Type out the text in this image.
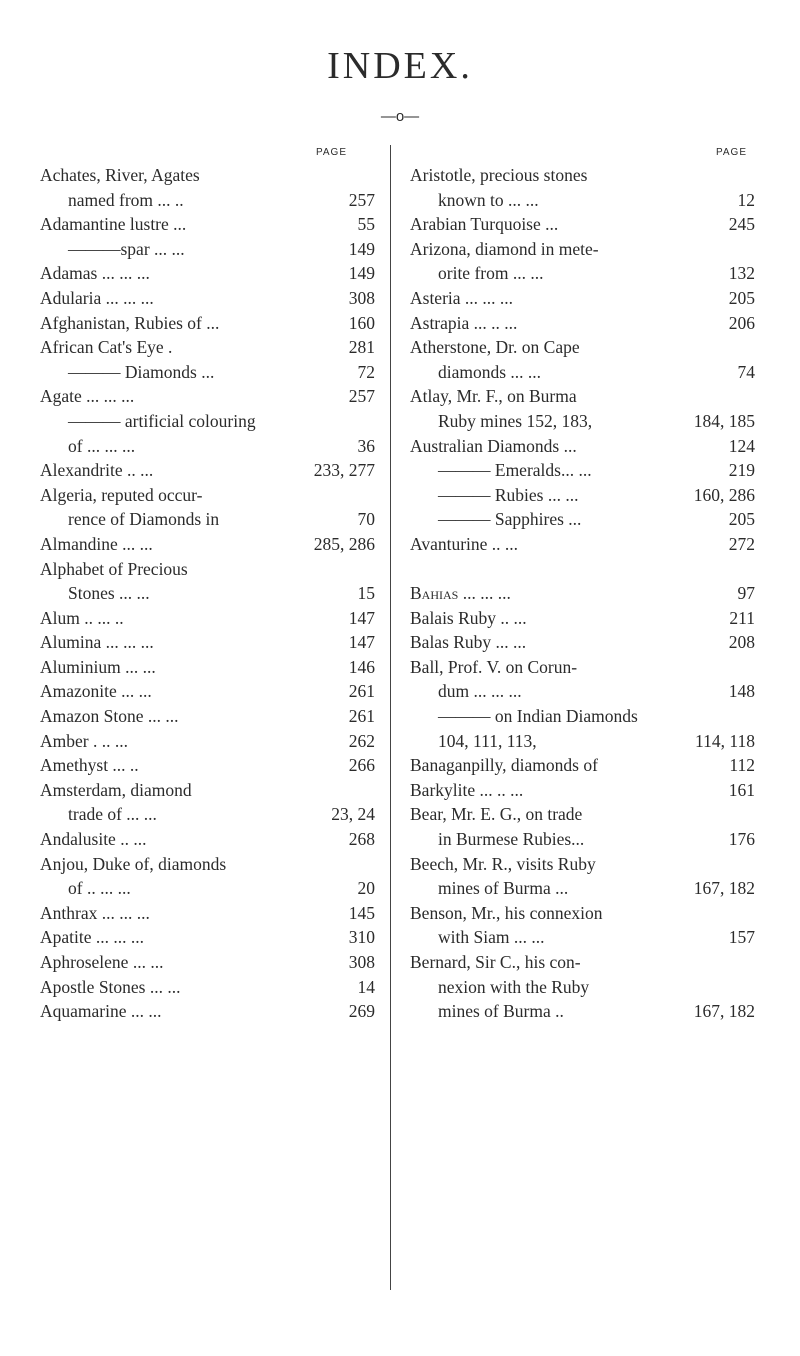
INDEX.
—o—
PAGE
Achates, River, Agates
named from ... ..	257
Adamantine lustre ...	55
———spar ... ...	149
Adamas ... ... ...	149
Adularia ... ... ...	308
Afghanistan, Rubies of ...	160
African Cat's Eye .	281
——— Diamonds ...	72
Agate ... ... ...	257
——— artificial colouring
of ... ... ...	36
Alexandrite .. ...	233, 277
Algeria, reputed occur-
rence of Diamonds in	70
Almandine ... ...	285, 286
Alphabet of Precious
Stones ... ...	15
Alum .. ... ..	147
Alumina ... ... ...	147
Aluminium ... ...	146
Amazonite ... ...	261
Amazon Stone ... ...	261
Amber . .. ...	262
Amethyst ... ..	266
Amsterdam, diamond
trade of ... ...	23, 24
Andalusite .. ...	268
Anjou, Duke of, diamonds
of .. ... ...	20
Anthrax ... ... ...	145
Apatite ... ... ...	310
Aphroselene ... ...	308
Apostle Stones ... ...	14
Aquamarine ... ...	269
PAGE
Aristotle, precious stones
known to ... ...	12
Arabian Turquoise ...	245
Arizona, diamond in mete-
orite from ... ...	132
Asteria ... ... ...	205
Astrapia ... .. ...	206
Atherstone, Dr. on Cape
diamonds ... ...	74
Atlay, Mr. F., on Burma
Ruby mines 152, 183,	184, 185
Australian Diamonds ...	124
——— Emeralds... ...	219
——— Rubies ... ...	160, 286
——— Sapphires ...	205
Avanturine .. ...	272
Bahias ... ... ...	97
Balais Ruby .. ...	211
Balas Ruby ... ...	208
Ball, Prof. V. on Corun-
dum ... ... ...	148
——— on Indian Diamonds
104, 111, 113,	114, 118
Banaganpilly, diamonds of	112
Barkylite ... .. ...	161
Bear, Mr. E. G., on trade
in Burmese Rubies...	176
Beech, Mr. R., visits Ruby
mines of Burma ...	167, 182
Benson, Mr., his connexion
with Siam ... ...	157
Bernard, Sir C., his con-
nexion with the Ruby
mines of Burma ..	167, 182
